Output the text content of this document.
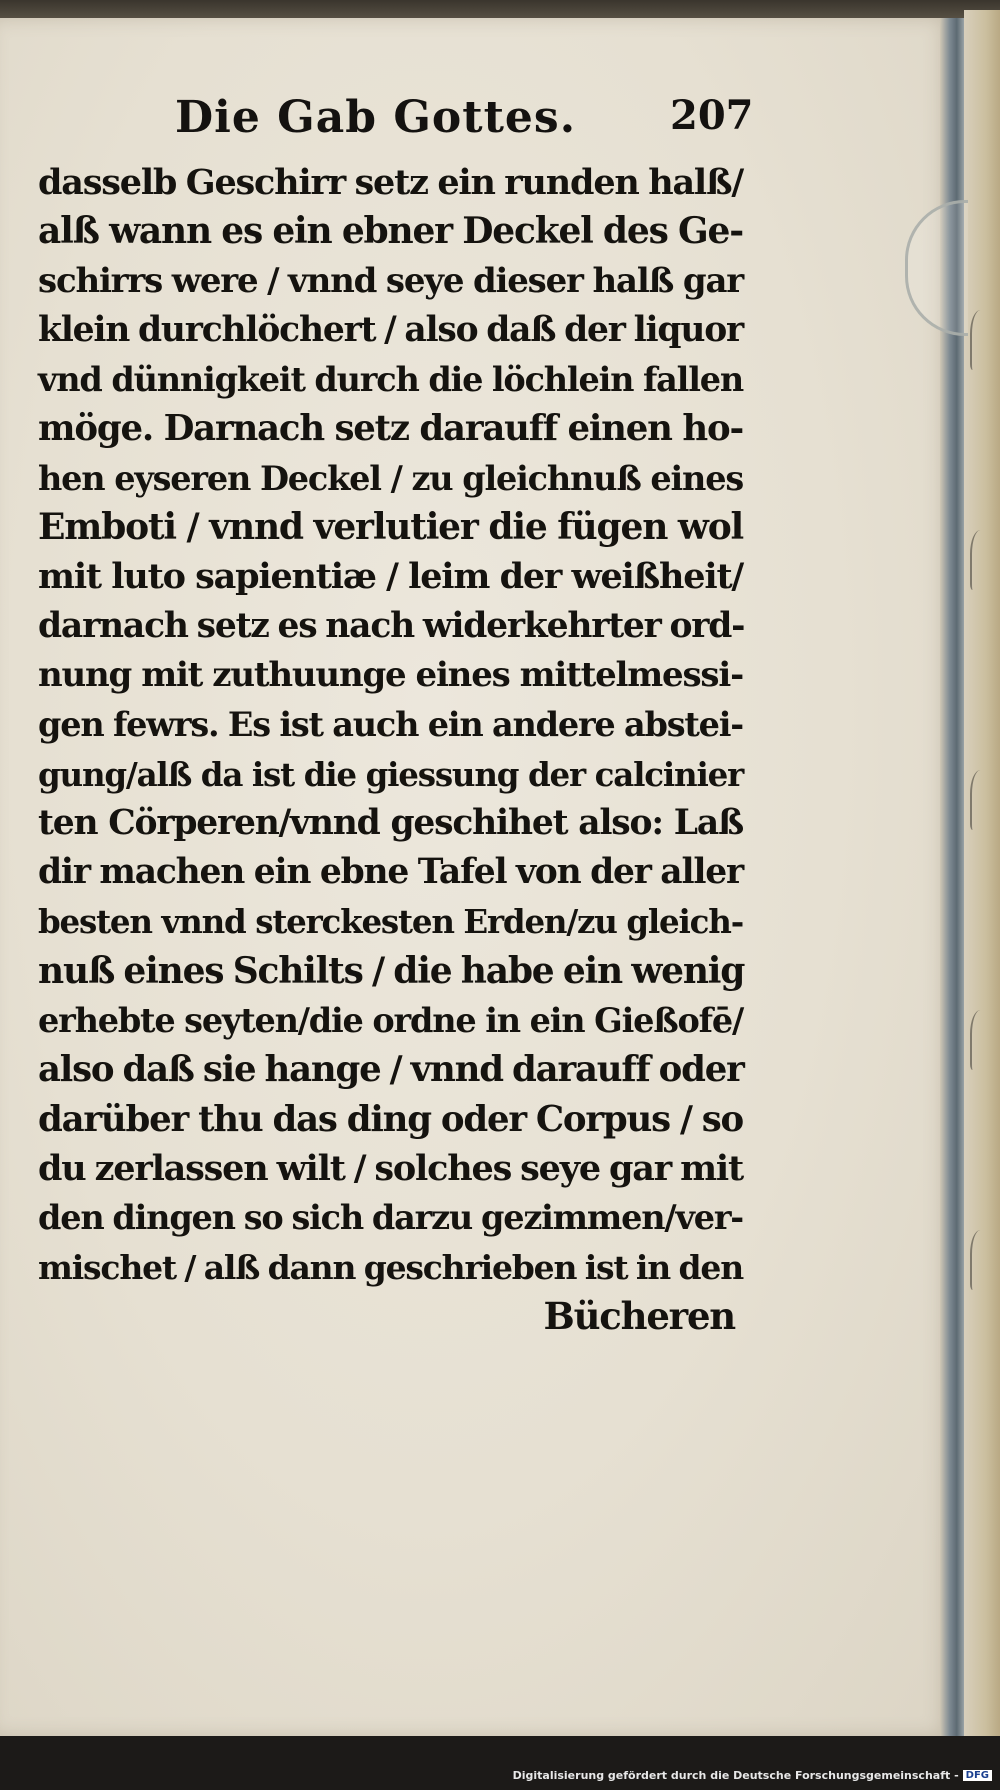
Die Gab Gottes. 207
dasselb Geschirr setz ein runden halß/
alß wann es ein ebner Deckel des Ge-
schirrs were / vnnd seye dieser halß gar
klein durchlöchert / also daß der liquor
vnd dünnigkeit durch die löchlein fallen
möge. Darnach setz darauff einen ho-
hen eyseren Deckel / zu gleichnuß eines
Emboti / vnnd verlutier die fügen wol
mit luto sapientiæ / leim der weißheit/
darnach setz es nach widerkehrter ord-
nung mit zuthuunge eines mittelmessi-
gen fewrs. Es ist auch ein andere abstei-
gung/alß da ist die giessung der calcinier
ten Cörperen/vnnd geschihet also: Laß
dir machen ein ebne Tafel von der aller
besten vnnd sterckesten Erden/zu gleich-
nuß eines Schilts / die habe ein wenig
erhebte seyten/die ordne in ein Gießofē/
also daß sie hange / vnnd darauff oder
darüber thu das ding oder Corpus / so
du zerlassen wilt / solches seye gar mit
den dingen so sich darzu gezimmen/ver-
mischet / alß dann geschrieben ist in den
Bücheren
Digitalisierung gefördert durch die Deutsche Forschungsgemeinschaft - DFG
